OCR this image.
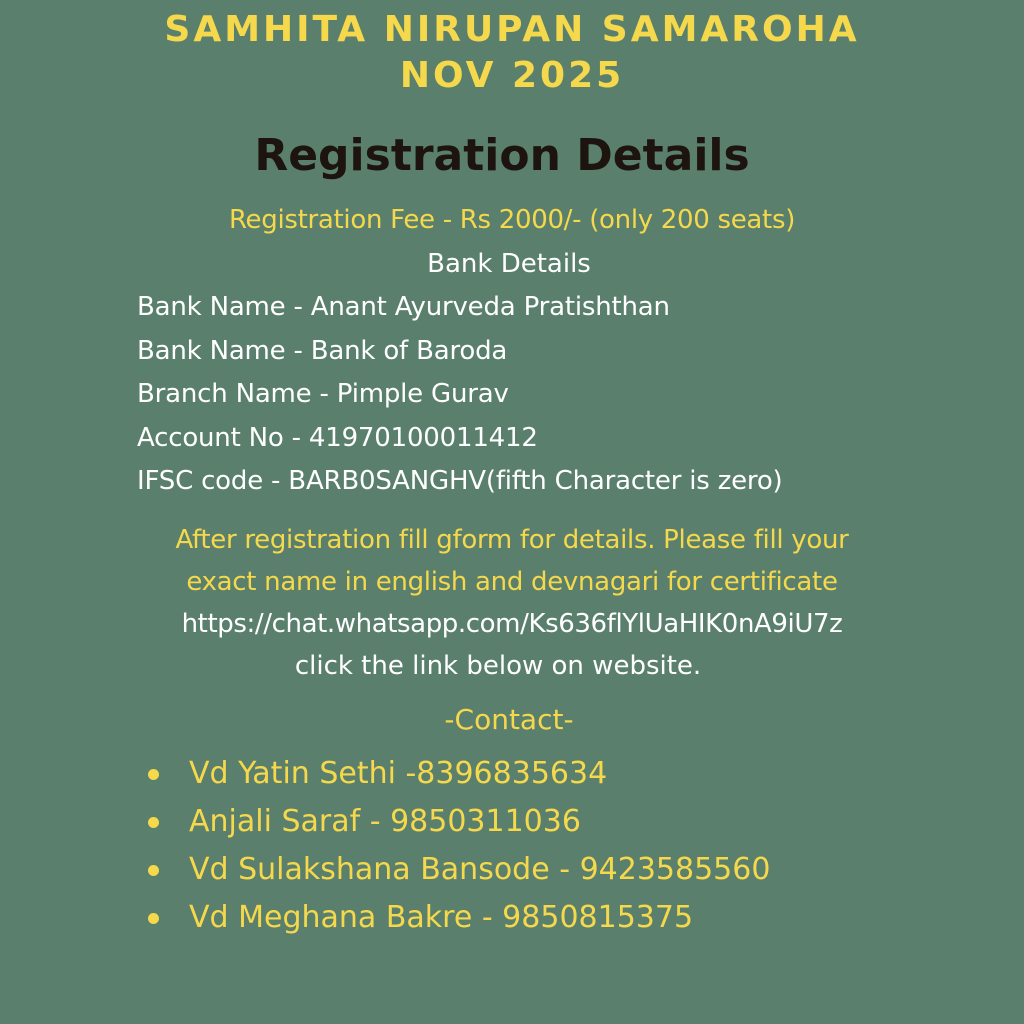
SAMHITA NIRUPAN SAMAROHA
NOV 2025
Registration Details
Registration Fee - Rs 2000/- (only 200 seats)
Bank Details
Bank Name - Anant Ayurveda Pratishthan
Bank Name - Bank of Baroda
Branch Name - Pimple Gurav
Account No - 41970100011412
IFSC code - BARB0SANGHV(fifth Character is zero)
After registration fill gform for details. Please fill your
exact name in english and devnagari for certificate
https://chat.whatsapp.com/Ks636flYlUaHIK0nA9iU7z
click the link below on website.
-Contact-
Vd Yatin Sethi -8396835634
Anjali Saraf - 9850311036
Vd Sulakshana Bansode - 9423585560
Vd Meghana Bakre - 9850815375
